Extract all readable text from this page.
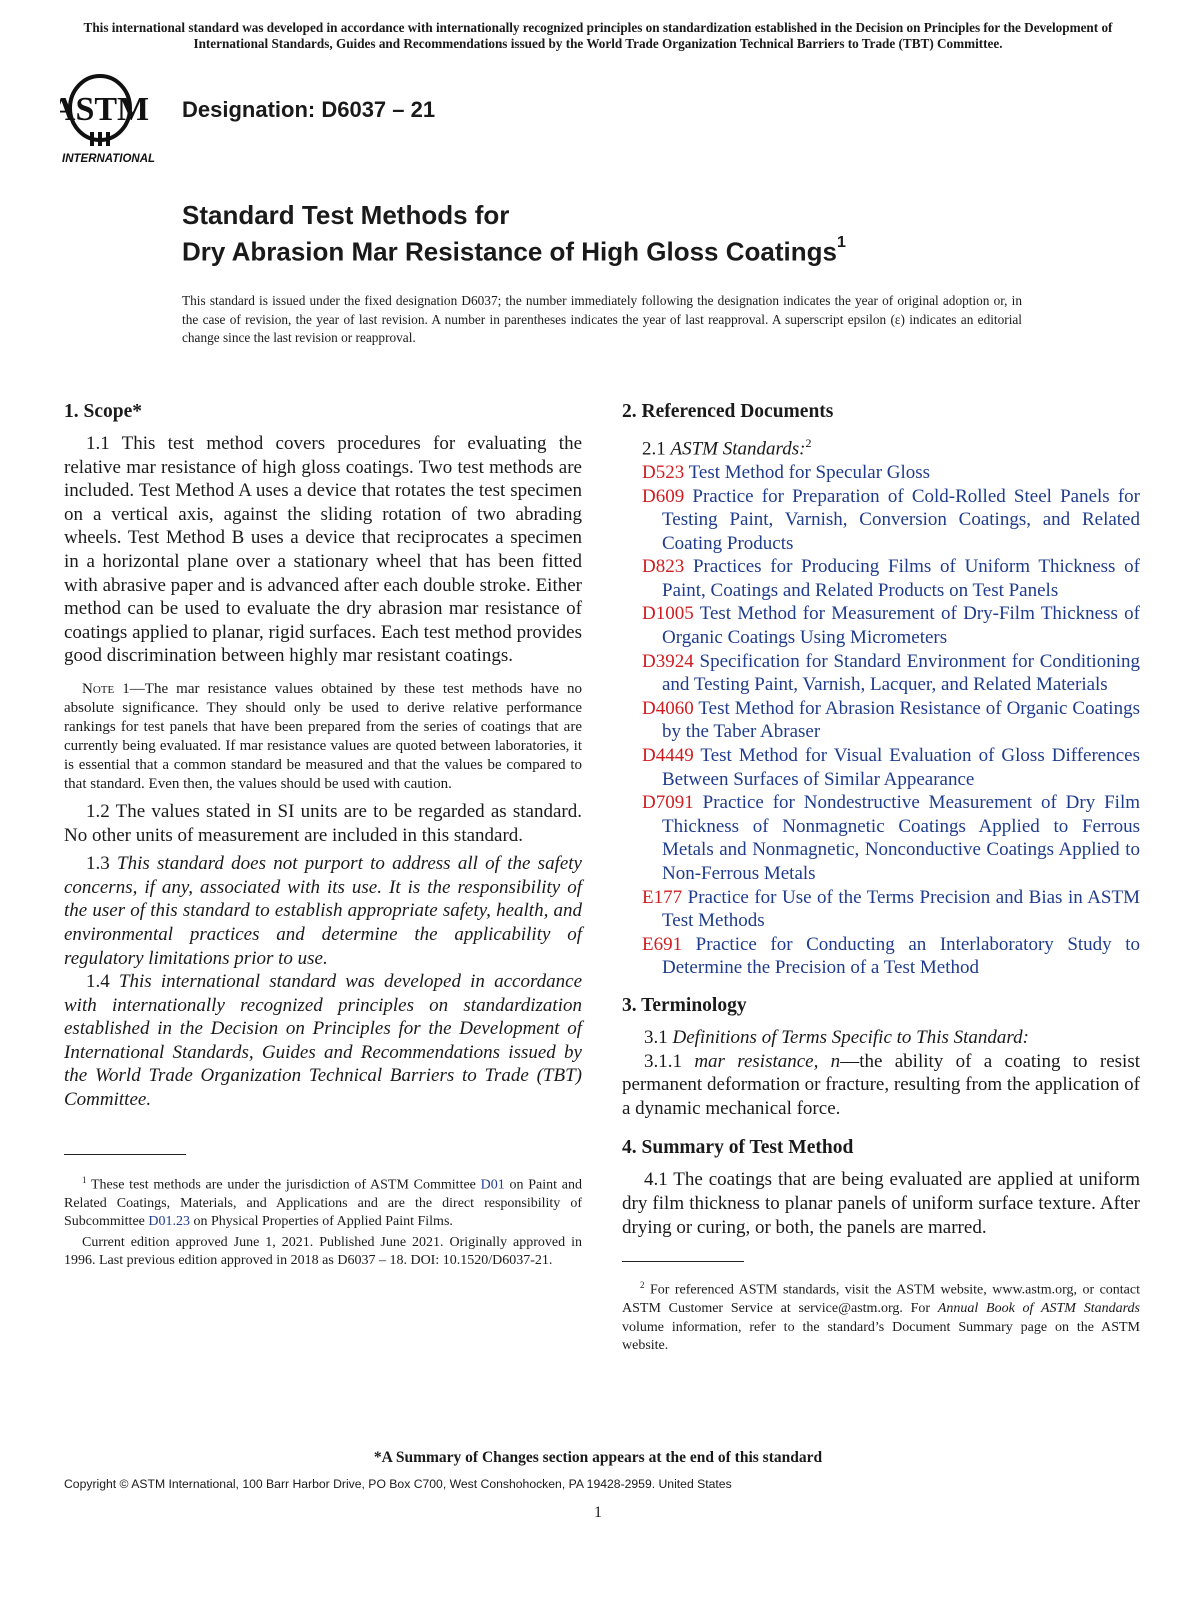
This international standard was developed in accordance with internationally recognized principles on standardization established in the Decision on Principles for the Development of International Standards, Guides and Recommendations issued by the World Trade Organization Technical Barriers to Trade (TBT) Committee.
ASTM
INTERNATIONAL
Designation: D6037 – 21
Standard Test Methods for
Dry Abrasion Mar Resistance of High Gloss Coatings$^1$
This standard is issued under the fixed designation D6037; the number immediately following the designation indicates the year of original adoption or, in the case of revision, the year of last revision. A number in parentheses indicates the year of last reapproval. A superscript epsilon (ε) indicates an editorial change since the last revision or reapproval.
1. Scope*

1.1 This test method covers procedures for evaluating the relative mar resistance of high gloss coatings. Two test methods are included. Test Method A uses a device that rotates the test specimen on a vertical axis, against the sliding rotation of two abrading wheels. Test Method B uses a device that reciprocates a specimen in a horizontal plane over a stationary wheel that has been fitted with abrasive paper and is advanced after each double stroke. Either method can be used to evaluate the dry abrasion mar resistance of coatings applied to planar, rigid surfaces. Each test method provides good discrimination between highly mar resistant coatings.

Note 1—The mar resistance values obtained by these test methods have no absolute significance. They should only be used to derive relative performance rankings for test panels that have been prepared from the series of coatings that are currently being evaluated. If mar resistance values are quoted between laboratories, it is essential that a common standard be measured and that the values be compared to that standard. Even then, the values should be used with caution.

1.2 The values stated in SI units are to be regarded as standard. No other units of measurement are included in this standard.

1.3 This standard does not purport to address all of the safety concerns, if any, associated with its use. It is the responsibility of the user of this standard to establish appropriate safety, health, and environmental practices and determine the applicability of regulatory limitations prior to use.

1.4 This international standard was developed in accordance with internationally recognized principles on standardization established in the Decision on Principles for the Development of International Standards, Guides and Recommendations issued by the World Trade Organization Technical Barriers to Trade (TBT) Committee.

$^1$ These test methods are under the jurisdiction of ASTM Committee D01 on Paint and Related Coatings, Materials, and Applications and are the direct responsibility of Subcommittee D01.23 on Physical Properties of Applied Paint Films.

Current edition approved June 1, 2021. Published June 2021. Originally approved in 1996. Last previous edition approved in 2018 as D6037 – 18. DOI: 10.1520/D6037-21.

2. Referenced Documents

2.1 ASTM Standards:$^2$

D523 Test Method for Specular Gloss

D609 Practice for Preparation of Cold-Rolled Steel Panels for Testing Paint, Varnish, Conversion Coatings, and Related Coating Products

D823 Practices for Producing Films of Uniform Thickness of Paint, Coatings and Related Products on Test Panels

D1005 Test Method for Measurement of Dry-Film Thickness of Organic Coatings Using Micrometers

D3924 Specification for Standard Environment for Conditioning and Testing Paint, Varnish, Lacquer, and Related Materials

D4060 Test Method for Abrasion Resistance of Organic Coatings by the Taber Abraser

D4449 Test Method for Visual Evaluation of Gloss Differences Between Surfaces of Similar Appearance

D7091 Practice for Nondestructive Measurement of Dry Film Thickness of Nonmagnetic Coatings Applied to Ferrous Metals and Nonmagnetic, Nonconductive Coatings Applied to Non-Ferrous Metals

E177 Practice for Use of the Terms Precision and Bias in ASTM Test Methods

E691 Practice for Conducting an Interlaboratory Study to Determine the Precision of a Test Method

3. Terminology

3.1 Definitions of Terms Specific to This Standard:

3.1.1 mar resistance, n—the ability of a coating to resist permanent deformation or fracture, resulting from the application of a dynamic mechanical force.

4. Summary of Test Method

4.1 The coatings that are being evaluated are applied at uniform dry film thickness to planar panels of uniform surface texture. After drying or curing, or both, the panels are marred.

$^2$ For referenced ASTM standards, visit the ASTM website, www.astm.org, or contact ASTM Customer Service at service@astm.org. For Annual Book of ASTM Standards volume information, refer to the standard’s Document Summary page on the ASTM website.

*A Summary of Changes section appears at the end of this standard
Copyright © ASTM International, 100 Barr Harbor Drive, PO Box C700, West Conshohocken, PA 19428-2959. United States
1
